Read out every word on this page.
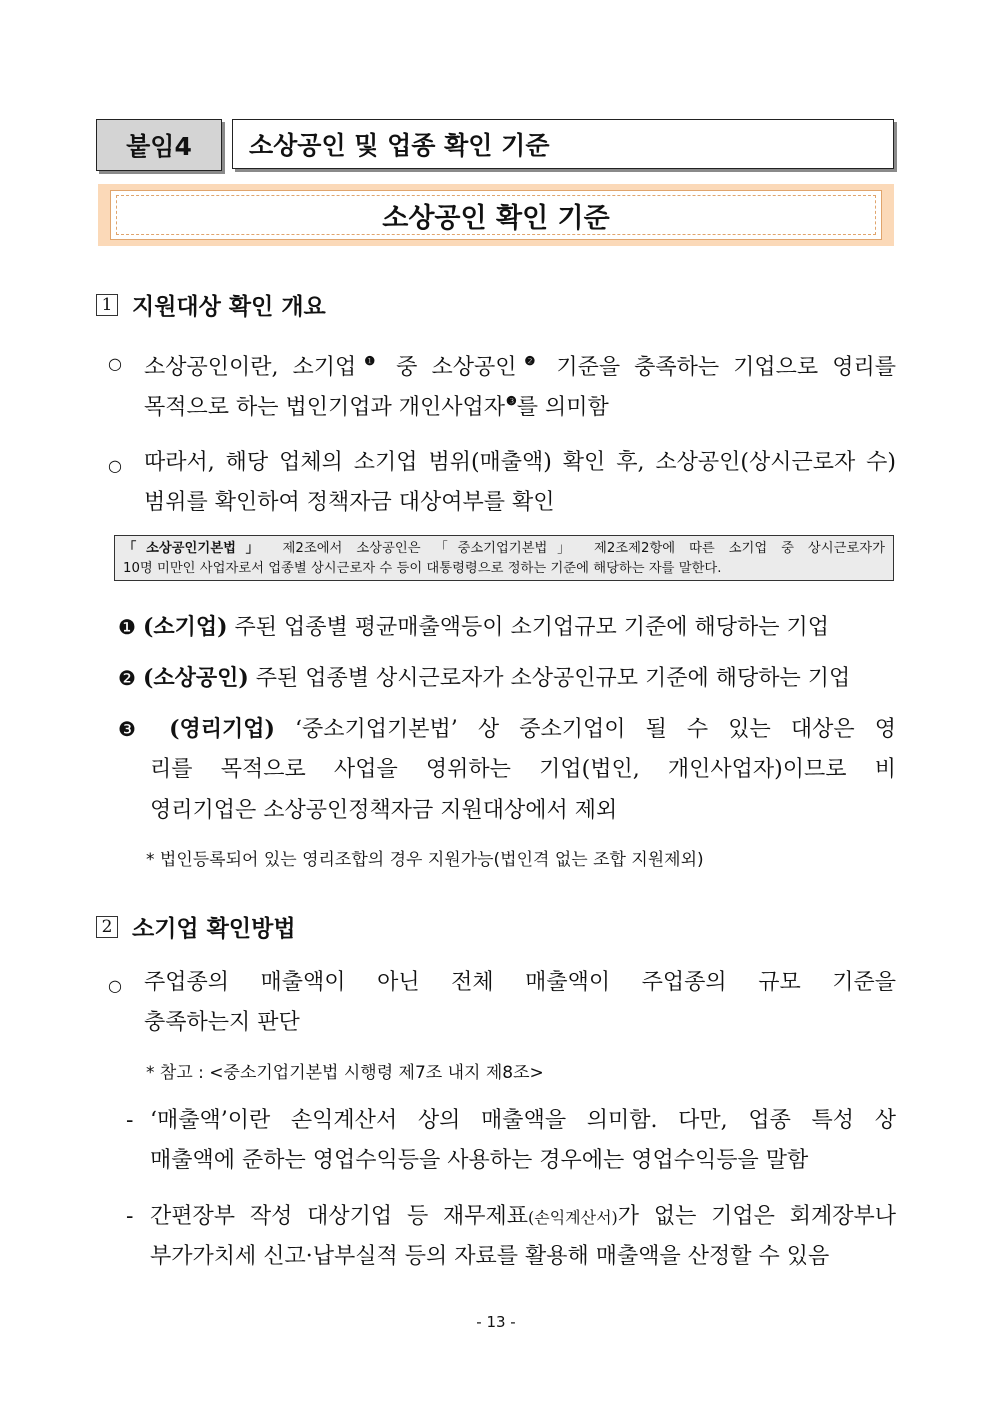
붙임4	소상공인 및 업종 확인 기준
소상공인 확인 기준
1 지원대상 확인 개요
○ 소상공인이란, 소기업$^❶$ 중 소상공인$^❷$ 기준을 충족하는 기업으로 영리를
목적으로 하는 법인기업과 개인사업자$^❸$를 의미함
○ 따라서, 해당 업체의 소기업 범위(매출액) 확인 후, 소상공인(상시근로자 수)
범위를 확인하여 정책자금 대상여부를 확인
「소상공인기본법」 제2조에서 소상공인은 「중소기업기본법」 제2조제2항에 따른 소기업 중 상시근로자가
10명 미만인 사업자로서 업종별 상시근로자 수 등이 대통령령으로 정하는 기준에 해당하는 자를 말한다.
❶ (소기업) 주된 업종별 평균매출액등이 소기업규모 기준에 해당하는 기업
❷ (소상공인) 주된 업종별 상시근로자가 소상공인규모 기준에 해당하는 기업
❸ (영리기업) ‘중소기업기본법’ 상 중소기업이 될 수 있는 대상은 영
리를 목적으로 사업을 영위하는 기업(법인, 개인사업자)이므로 비
영리기업은 소상공인정책자금 지원대상에서 제외
* 법인등록되어 있는 영리조합의 경우 지원가능(법인격 없는 조합 지원제외)
2 소기업 확인방법
○ 주업종의 매출액이 아닌 전체 매출액이 주업종의 규모 기준을
충족하는지 판단
* 참고 : <중소기업기본법 시행령 제7조 내지 제8조>
- ‘매출액’이란 손익계산서 상의 매출액을 의미함. 다만, 업종 특성 상
매출액에 준하는 영업수익등을 사용하는 경우에는 영업수익등을 말함
- 간편장부 작성 대상기업 등 재무제표(손익계산서)가 없는 기업은 회계장부나
부가가치세 신고·납부실적 등의 자료를 활용해 매출액을 산정할 수 있음
- 13 -
